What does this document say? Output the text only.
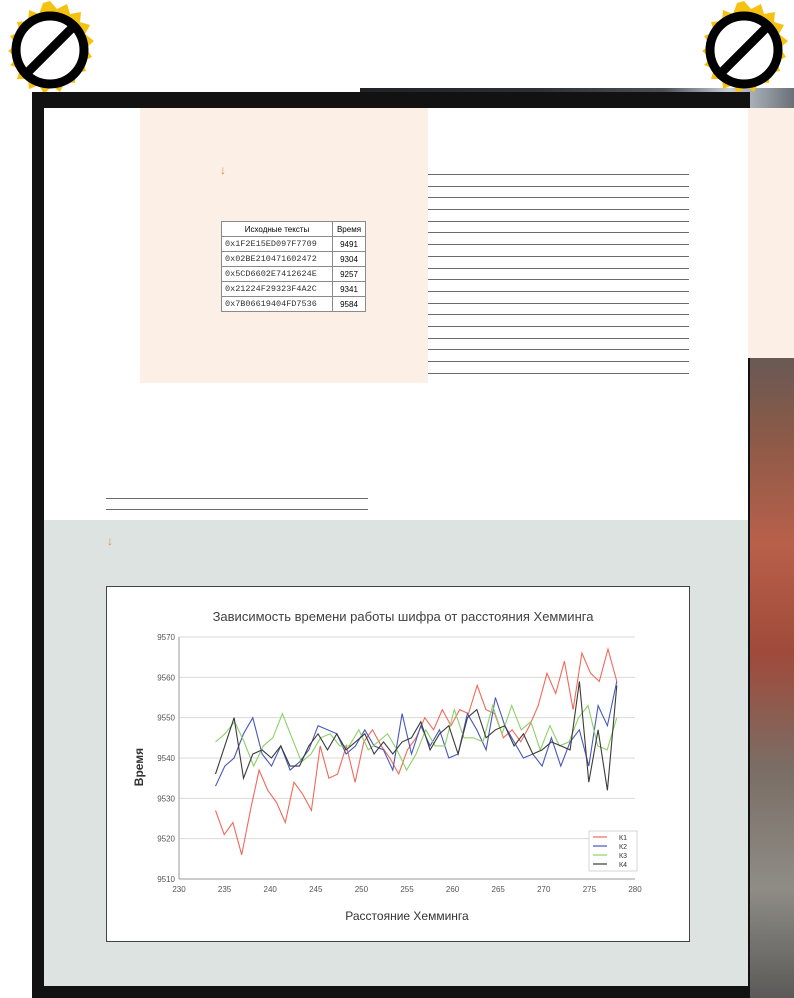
↓
Исходные тексты	Время
0x1F2E15ED097F7709	9491
0x02BE210471602472	9304
0x5CD6602E7412624E	9257
0x21224F29323F4A2C	9341
0x7B06619404FD7536	9584
↓
Зависимость времени работы шифра от расстояния Хемминга
9510
9520
9530
9540
9550
9560
9570
230	235	240	245	250	255	260	265	270	275	280
К1
К2
К3
К4
Расстояние Хемминга
Время
